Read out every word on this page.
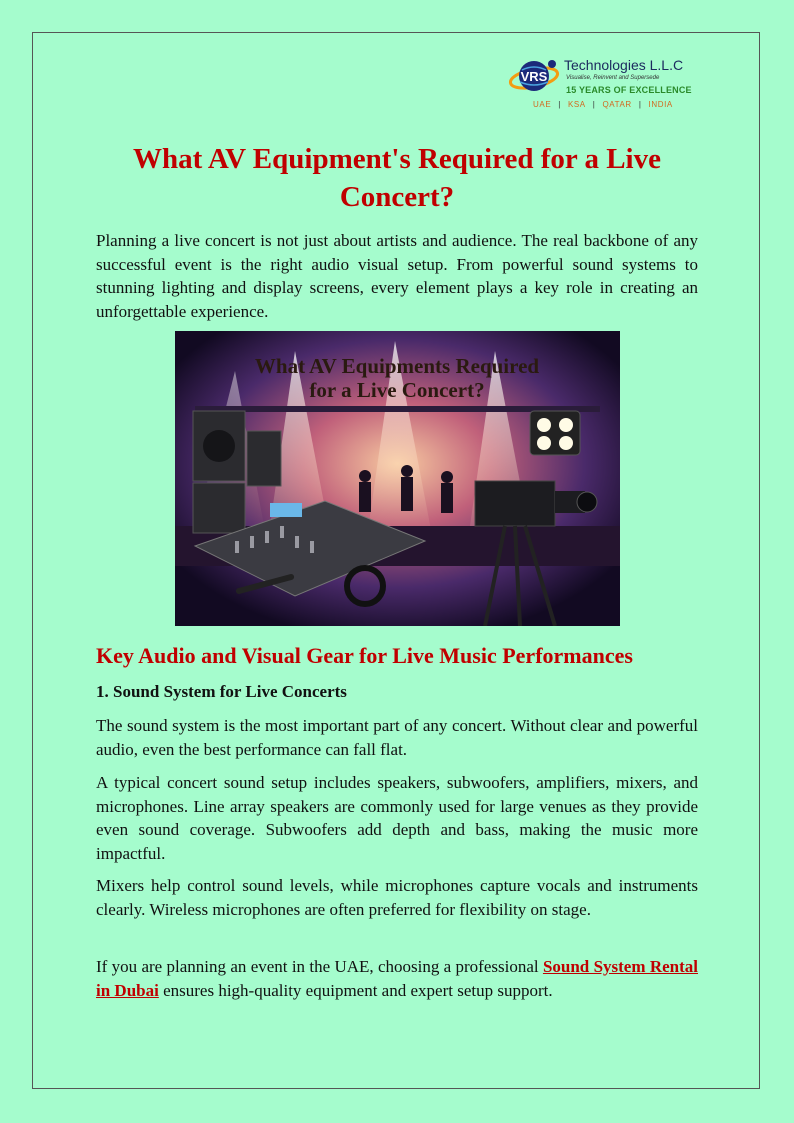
VRS
Technologies L.L.C
Visualise, Reinvent and Supersede
15 YEARS OF EXCELLENCE
UAE | KSA | QATAR | INDIA
What AV Equipment's Required for a Live Concert?

Planning a live concert is not just about artists and audience. The real backbone of any successful event is the right audio visual setup. From powerful sound systems to stunning lighting and display screens, every element plays a key role in creating an unforgettable experience.

What AV Equipments Required
for a Live Concert?
Key Audio and Visual Gear for Live Music Performances
1. Sound System for Live Concerts

The sound system is the most important part of any concert. Without clear and powerful audio, even the best performance can fall flat.

A typical concert sound setup includes speakers, subwoofers, amplifiers, mixers, and microphones. Line array speakers are commonly used for large venues as they provide even sound coverage. Subwoofers add depth and bass, making the music more impactful.

Mixers help control sound levels, while microphones capture vocals and instruments clearly. Wireless microphones are often preferred for flexibility on stage.

If you are planning an event in the UAE, choosing a professional Sound System Rental in Dubai ensures high-quality equipment and expert setup support.
